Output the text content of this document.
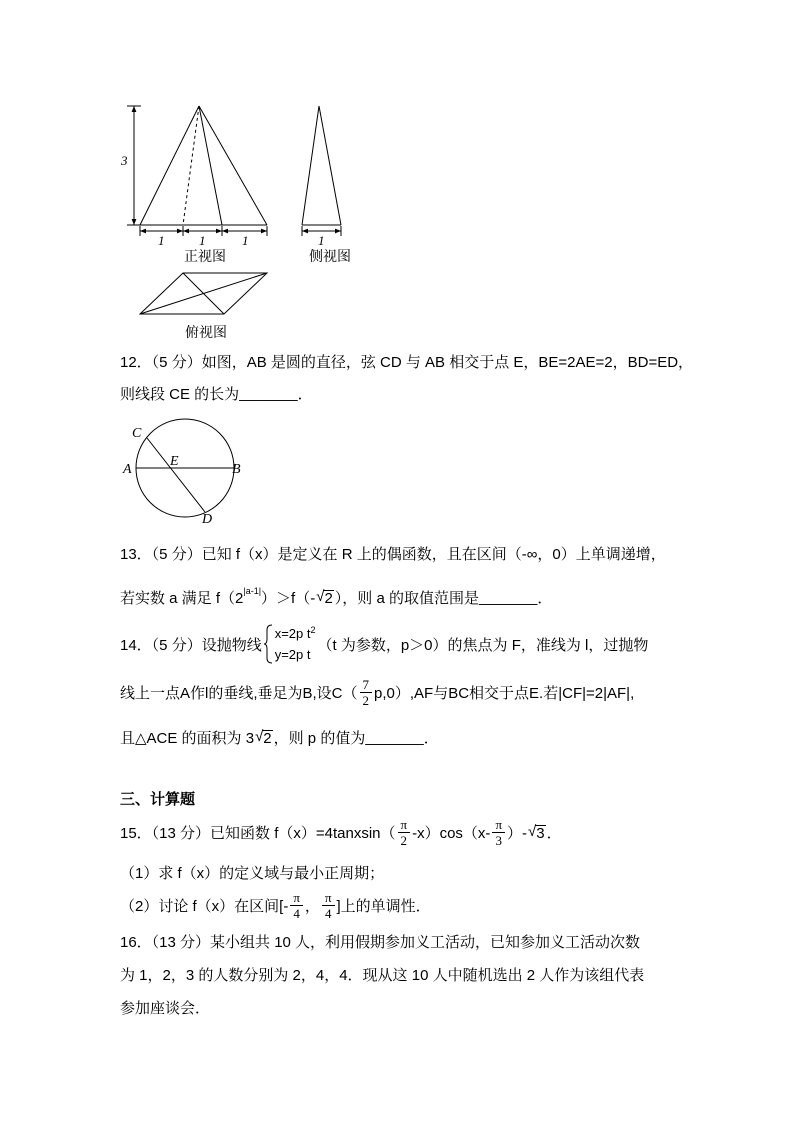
3
1	1	1
正视图
1
侧视图
俯视图
12．（5 分）如图，AB 是圆的直径，弦 CD 与 AB 相交于点 E，BE=2AE=2，BD=ED，
则线段 CE 的长为 _______ ．
C
A
E
B
D
13．（5 分）已知 f（x）是定义在 R 上的偶函数，且在区间（-∞，0）上单调递增，
若实数 a 满足 f（2 |a-1| ）＞f（- √ 2 ），则 a 的取值范围是 _______ ．
14．（5 分）设抛物线
x=2p $t^2$
y=2p t
（t 为参数，p＞0）的焦点为 F，准线为 l，过抛物
线上一点A作l的垂线,垂足为B,设$C( \frac{7}{2} p,0),AF$与BC相交于点E.若|CF|=2|AF|,
且△ACE 的面积为 3 √ 2 ，则 p 的值为 _______ ．
三、计算题
15．（13 分）已知函数 f（x）=4tanxsin（ $\frac{\pi}{2} -x)\cos(x- \frac{\pi}{3}$ ）- √ 3 ．
（1）求 f（x）的定义域与最小正周期；
（2）讨论 f（x）在区间[- $\frac{\pi}{4}$ ， $\frac{\pi}{4}$ ]上的单调性．
16．（13 分）某小组共 10 人，利用假期参加义工活动，已知参加义工活动次数
为 1，2，3 的人数分别为 2，4，4．现从这 10 人中随机选出 2 人作为该组代表
参加座谈会．
